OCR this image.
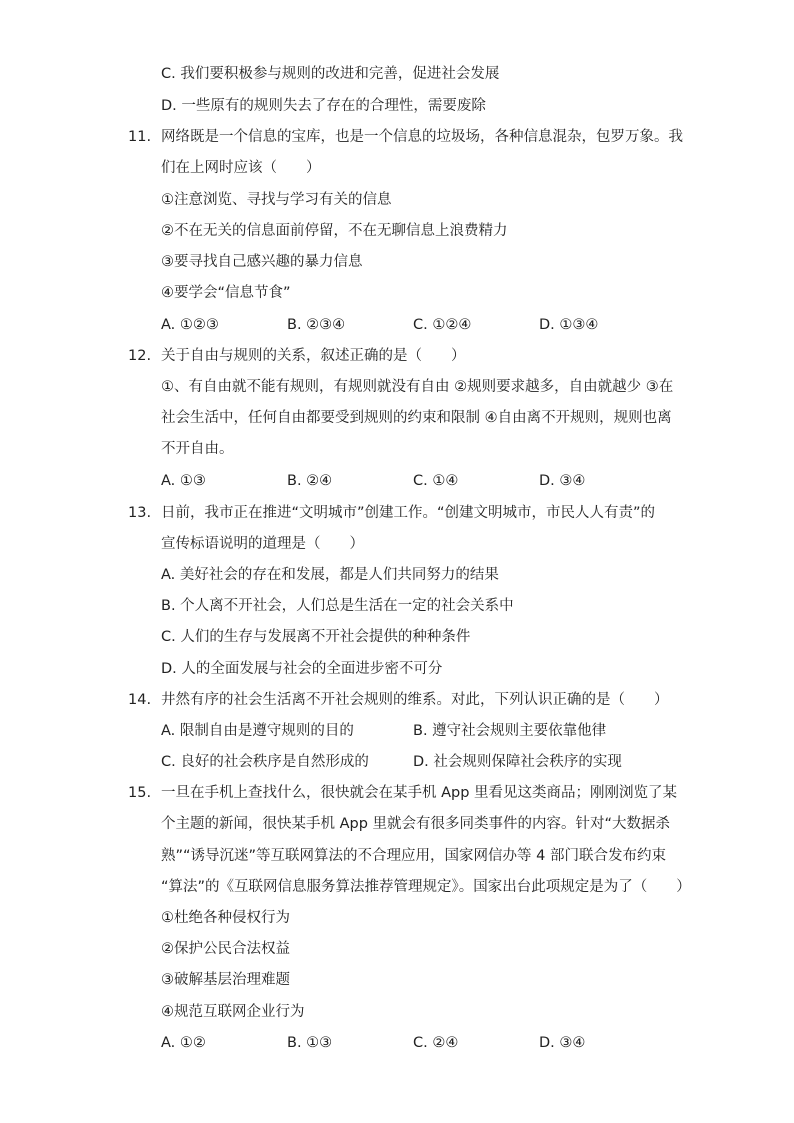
C. 我们要积极参与规则的改进和完善，促进社会发展
D. 一些原有的规则失去了存在的合理性，需要废除
11. 网络既是一个信息的宝库，也是一个信息的垃圾场，各种信息混杂，包罗万象。我
们在上网时应该（　　）
①注意浏览、寻找与学习有关的信息
②不在无关的信息面前停留，不在无聊信息上浪费精力
③要寻找自己感兴趣的暴力信息
④要学会“信息节食”
A. ①②③	B. ②③④	C. ①②④	D. ①③④
12. 关于自由与规则的关系，叙述正确的是（　　）
①、有自由就不能有规则，有规则就没有自由 ②规则要求越多，自由就越少 ③在
社会生活中，任何自由都要受到规则的约束和限制 ④自由离不开规则，规则也离
不开自由。
A. ①③	B. ②④	C. ①④	D. ③④
13. 日前，我市正在推进“文明城市”创建工作。“创建文明城市，市民人人有责”的
宣传标语说明的道理是（　　）
A. 美好社会的存在和发展，都是人们共同努力的结果
B. 个人离不开社会，人们总是生活在一定的社会关系中
C. 人们的生存与发展离不开社会提供的种种条件
D. 人的全面发展与社会的全面进步密不可分
14. 井然有序的社会生活离不开社会规则的维系。对此，下列认识正确的是（　　）
A. 限制自由是遵守规则的目的	B. 遵守社会规则主要依靠他律
C. 良好的社会秩序是自然形成的	D. 社会规则保障社会秩序的实现
15. 一旦在手机上查找什么，很快就会在某手机 App 里看见这类商品；刚刚浏览了某
个主题的新闻，很快某手机 App 里就会有很多同类事件的内容。针对“大数据杀
熟”“诱导沉迷”等互联网算法的不合理应用，国家网信办等 4 部门联合发布约束
“算法”的《互联网信息服务算法推荐管理规定》。国家出台此项规定是为了（　　）
①杜绝各种侵权行为
②保护公民合法权益
③破解基层治理难题
④规范互联网企业行为
A. ①②	B. ①③	C. ②④	D. ③④
